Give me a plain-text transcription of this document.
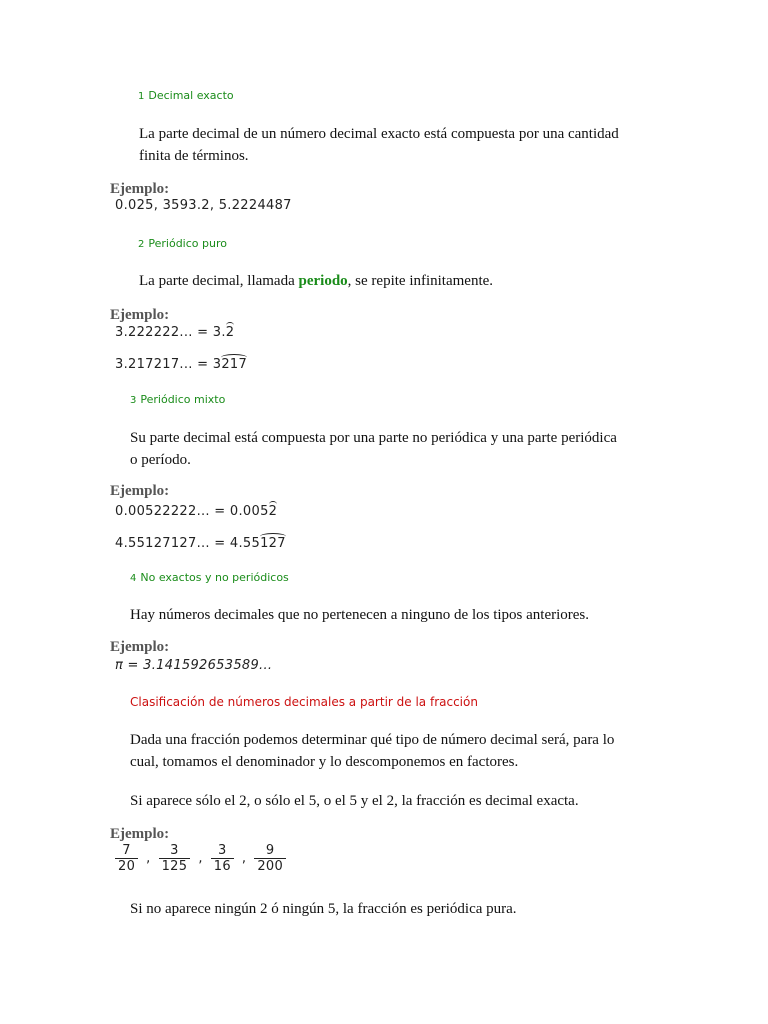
1 Decimal exacto
La parte decimal de un número decimal exacto está compuesta por una cantidad
finita de términos.
Ejemplo:
0.025, 3593.2, 5.2224487
2 Periódico puro
La parte decimal, llamada periodo, se repite infinitamente.
Ejemplo:
3.222222... = 3.2
3.217217... = 3217
3 Periódico mixto
Su parte decimal está compuesta por una parte no periódica y una parte periódica
o período.
Ejemplo:
0.00522222... = 0.0052
4.55127127... = 4.55127
4 No exactos y no periódicos
Hay números decimales que no pertenecen a ninguno de los tipos anteriores.
Ejemplo:
π = 3.141592653589...
Clasificación de números decimales a partir de la fracción
Dada una fracción podemos determinar qué tipo de número decimal será, para lo
cual, tomamos el denominador y lo descomponemos en factores.
Si aparece sólo el 2, o sólo el 5, o el 5 y el 2, la fracción es decimal exacta.
Ejemplo:
$\frac{7}{20}$ , $\frac{3}{125}$ , $\frac{3}{16}$ , $\frac{9}{200}$
Si no aparece ningún 2 ó ningún 5, la fracción es periódica pura.
